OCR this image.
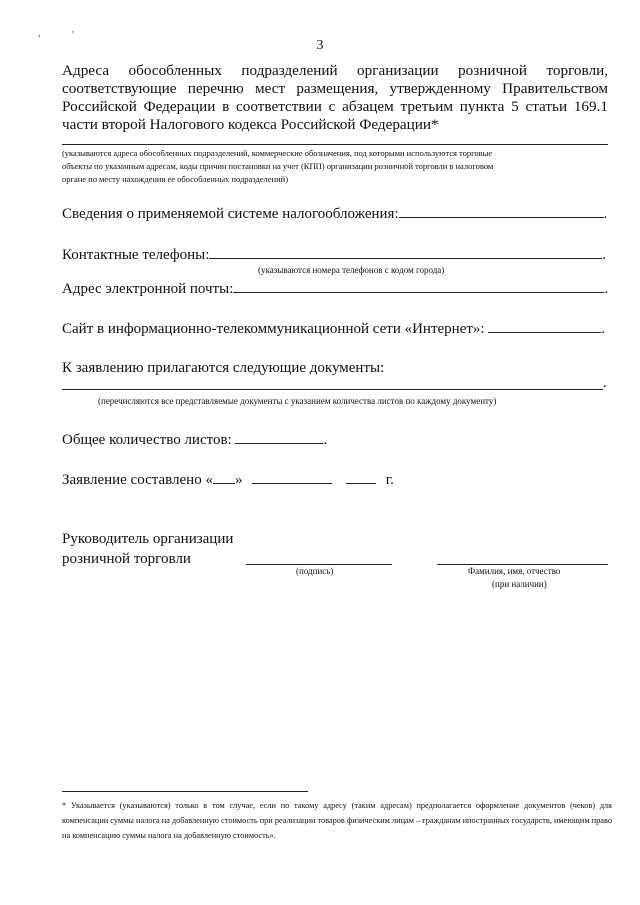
,	'
3
Адреса обособленных подразделений организации розничной торговли, соответствующие перечню мест размещения, утвержденному Правительством Российской Федерации в соответствии с абзацем третьим пункта 5 статьи 169.1 части второй Налогового кодекса Российской Федерации*
(указываются адреса обособленных подразделений, коммерческие обозначения, под которыми используются торговые
объекты по указанным адресам, коды причин постановки на учет (КПП) организации розничной торговли в налоговом
органе по месту нахождения ее обособленных подразделений)
Сведения о применяемой системе налогообложения:	.
Контактные телефоны:	.
(указываются номера телефонов с кодом города)
Адрес электронной почты:	.
Сайт в информационно-телекоммуникационной сети «Интернет»:	.
К заявлению прилагаются следующие документы:
.
(перечисляются все представляемые документы с указанием количества листов по каждому документу)
Общее количество листов:	.
Заявление составлено « »	г.
Руководитель организации
розничной торговли
(подпись)	Фамилия, имя, отчество
(при наличии)
* Указывается (указываются) только в том случае, если по такому адресу (таким адресам) предполагается оформление документов (чеков) для компенсации суммы налога на добавленную стоимость при реализации товаров физическим лицам – гражданам иностранных государств, имеющим право на компенсацию суммы налога на добавленную стоимость».
